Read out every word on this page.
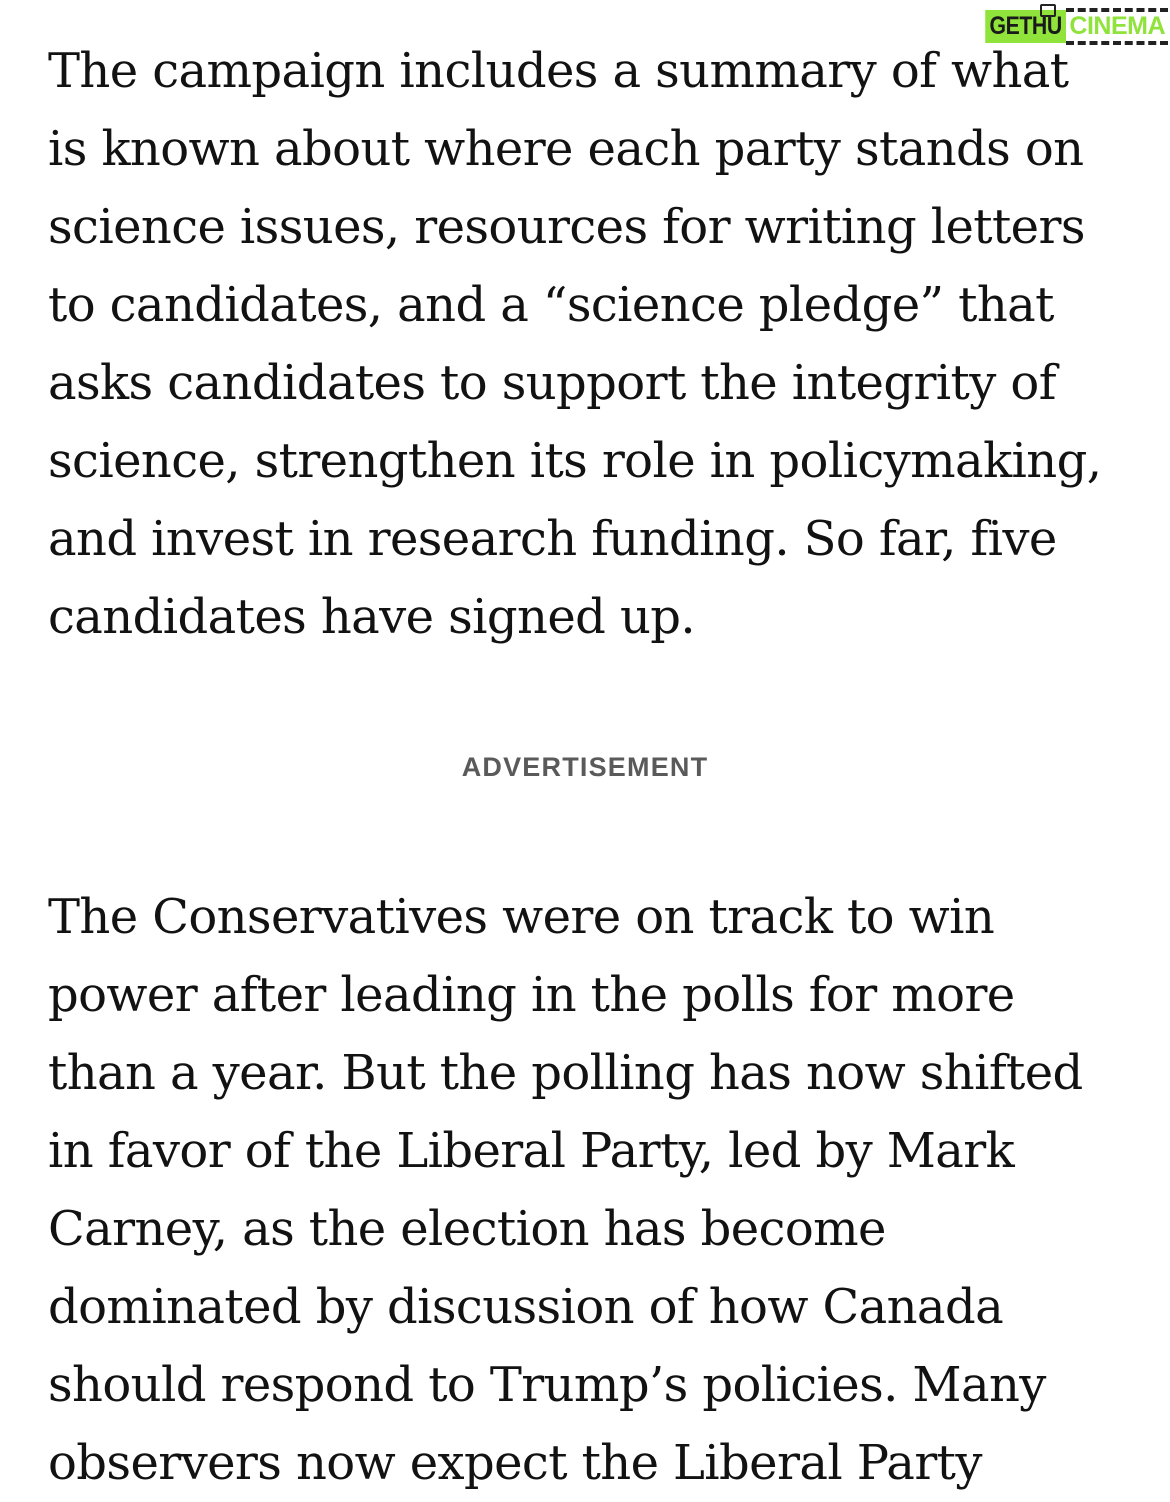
GETHU CINEMA

The campaign includes a summary of what
is known about where each party stands on
science issues, resources for writing letters
to candidates, and a “science pledge” that
asks candidates to support the integrity of
science, strengthen its role in policymaking,
and invest in research funding. So far, five
candidates have signed up.

The Conservatives were on track to win
power after leading in the polls for more
than a year. But the polling has now shifted
in favor of the Liberal Party, led by Mark
Carney, as the election has become
dominated by discussion of how Canada
should respond to Trump’s policies. Many
observers now expect the Liberal Party

ADVERTISEMENT
